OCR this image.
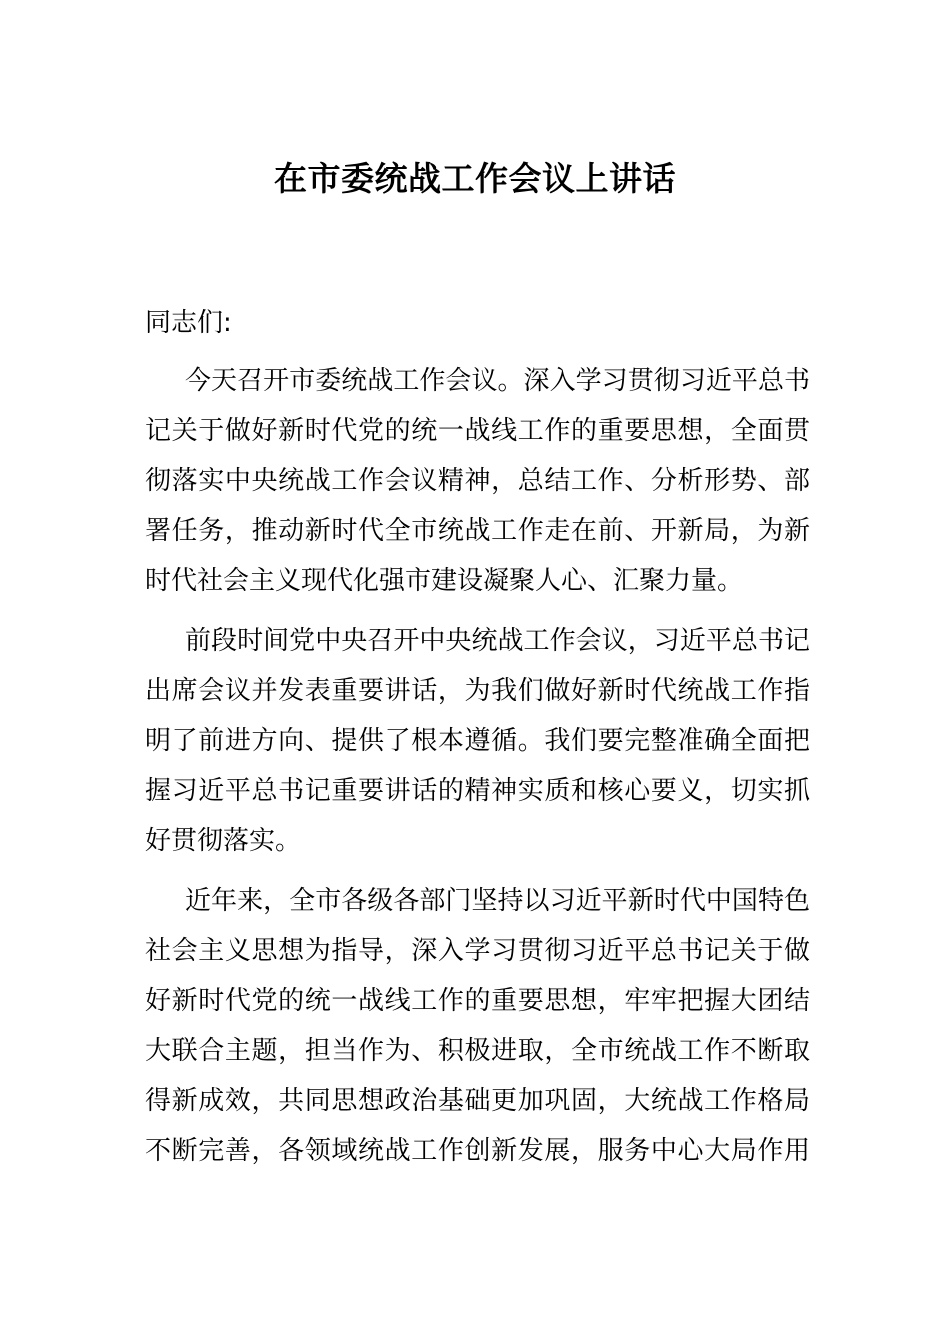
在市委统战工作会议上讲话

同志们:

今天召开市委统战工作会议。深入学习贯彻习近平总书
记关于做好新时代党的统一战线工作的重要思想，全面贯
彻落实中央统战工作会议精神，总结工作、分析形势、部
署任务，推动新时代全市统战工作走在前、开新局，为新
时代社会主义现代化强市建设凝聚人心、汇聚力量。
前段时间党中央召开中央统战工作会议，习近平总书记
出席会议并发表重要讲话，为我们做好新时代统战工作指
明了前进方向、提供了根本遵循。我们要完整准确全面把
握习近平总书记重要讲话的精神实质和核心要义，切实抓
好贯彻落实。
近年来，全市各级各部门坚持以习近平新时代中国特色
社会主义思想为指导，深入学习贯彻习近平总书记关于做
好新时代党的统一战线工作的重要思想，牢牢把握大团结
大联合主题，担当作为、积极进取，全市统战工作不断取
得新成效，共同思想政治基础更加巩固，大统战工作格局
不断完善，各领域统战工作创新发展，服务中心大局作用
